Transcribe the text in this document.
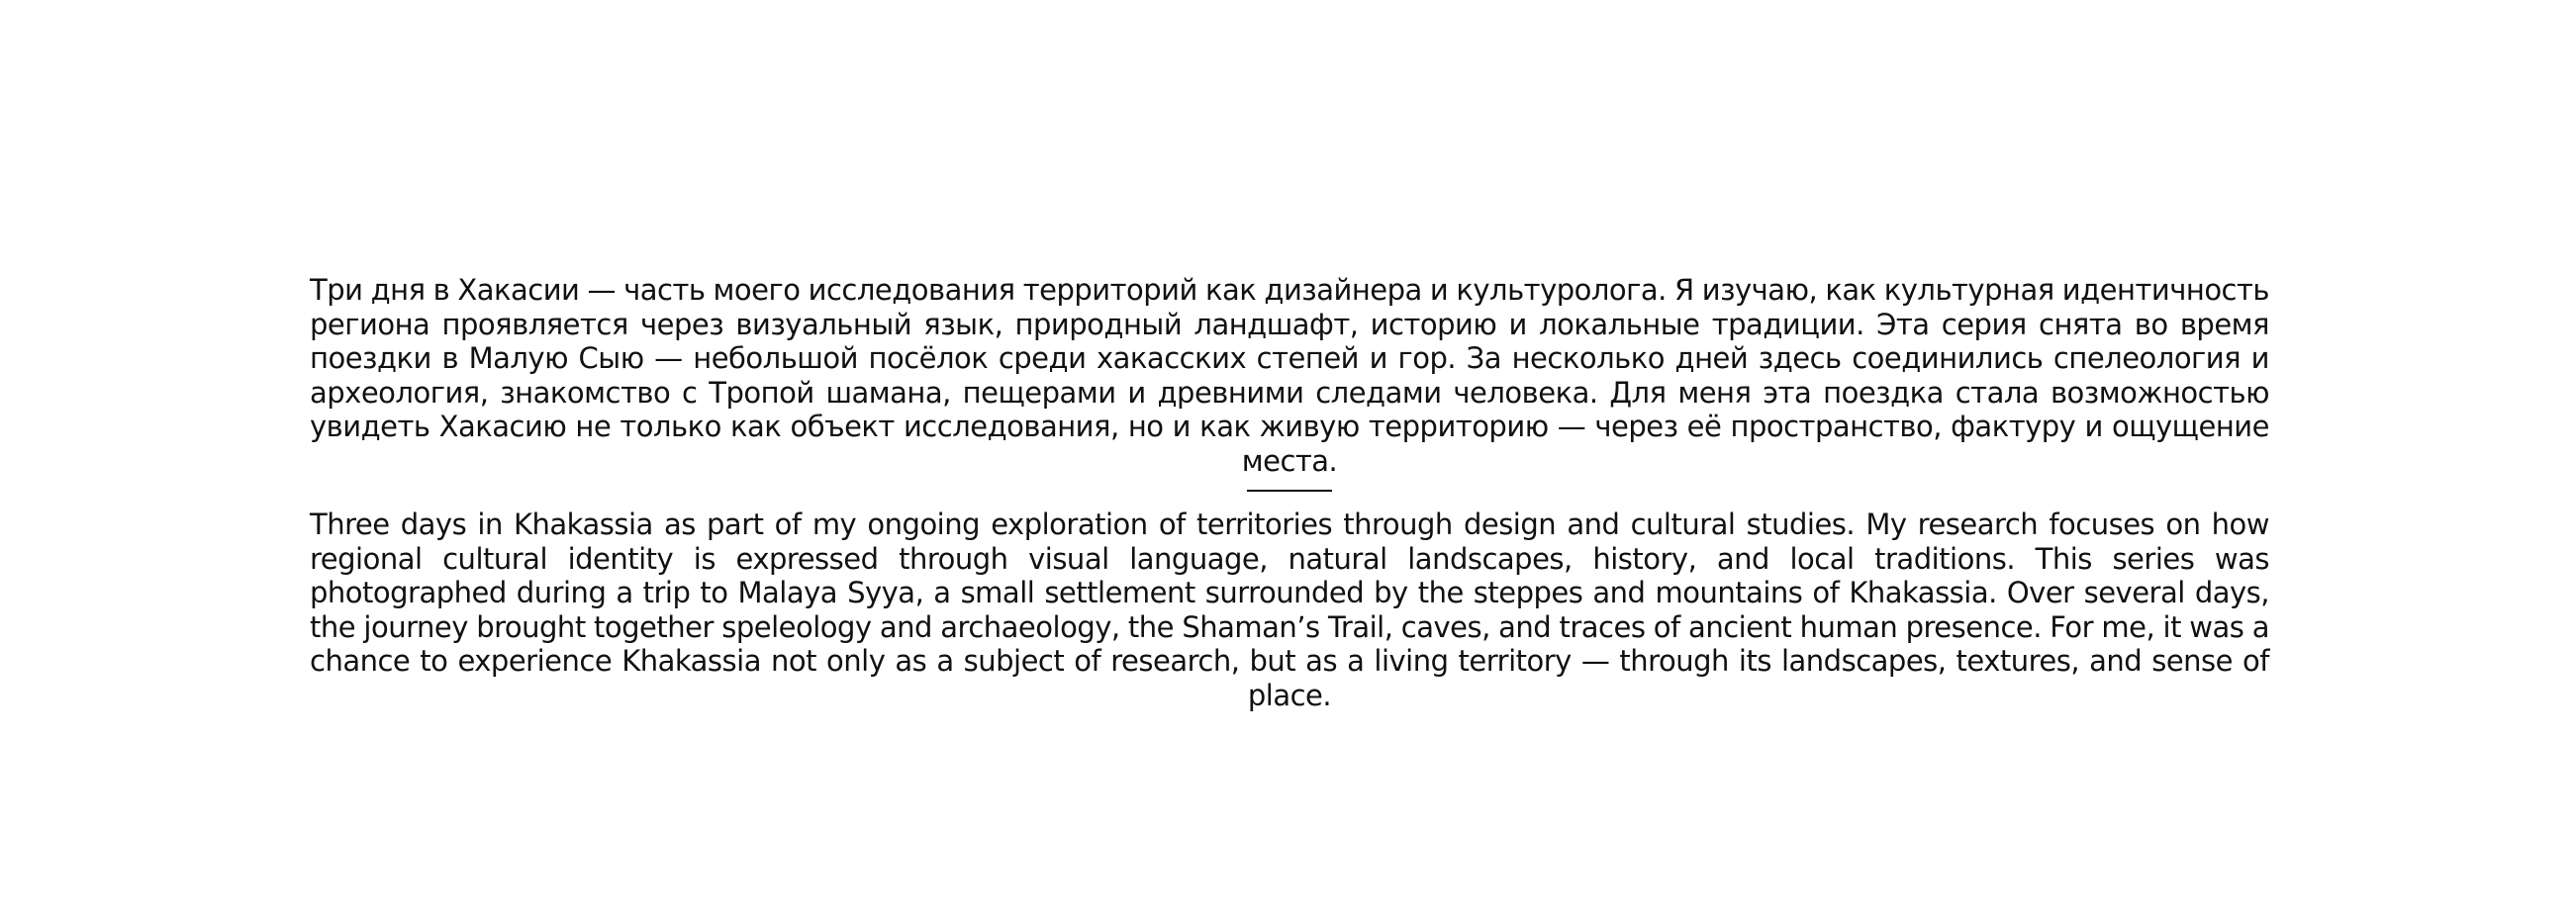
Три дня в Хакасии — часть моего исследования территорий как дизайнера и культуролога. Я изучаю, как культурная идентичность региона проявляется через визуальный язык, природный ландшафт, историю и локальные традиции. Эта серия снята во время поездки в Малую Сыю — небольшой посёлок среди хакасских степей и гор. За несколько дней здесь соединились спелеология и археология, знакомство с Тропой шамана, пещерами и древними следами человека. Для меня эта поездка стала возможностью увидеть Хакасию не только как объект исследования, но и как живую территорию — через её пространство, фактуру и ощущение места.

Three days in Khakassia as part of my ongoing exploration of territories through design and cultural studies. My research focuses on how regional cultural identity is expressed through visual language, natural landscapes, history, and local traditions. This series was photographed during a trip to Malaya Syya, a small settlement surrounded by the steppes and mountains of Khakassia. Over several days, the journey brought together speleology and archaeology, the Shaman’s Trail, caves, and traces of ancient human presence. For me, it was a chance to experience Khakassia not only as a subject of research, but as a living territory — through its landscapes, textures, and sense of place.
